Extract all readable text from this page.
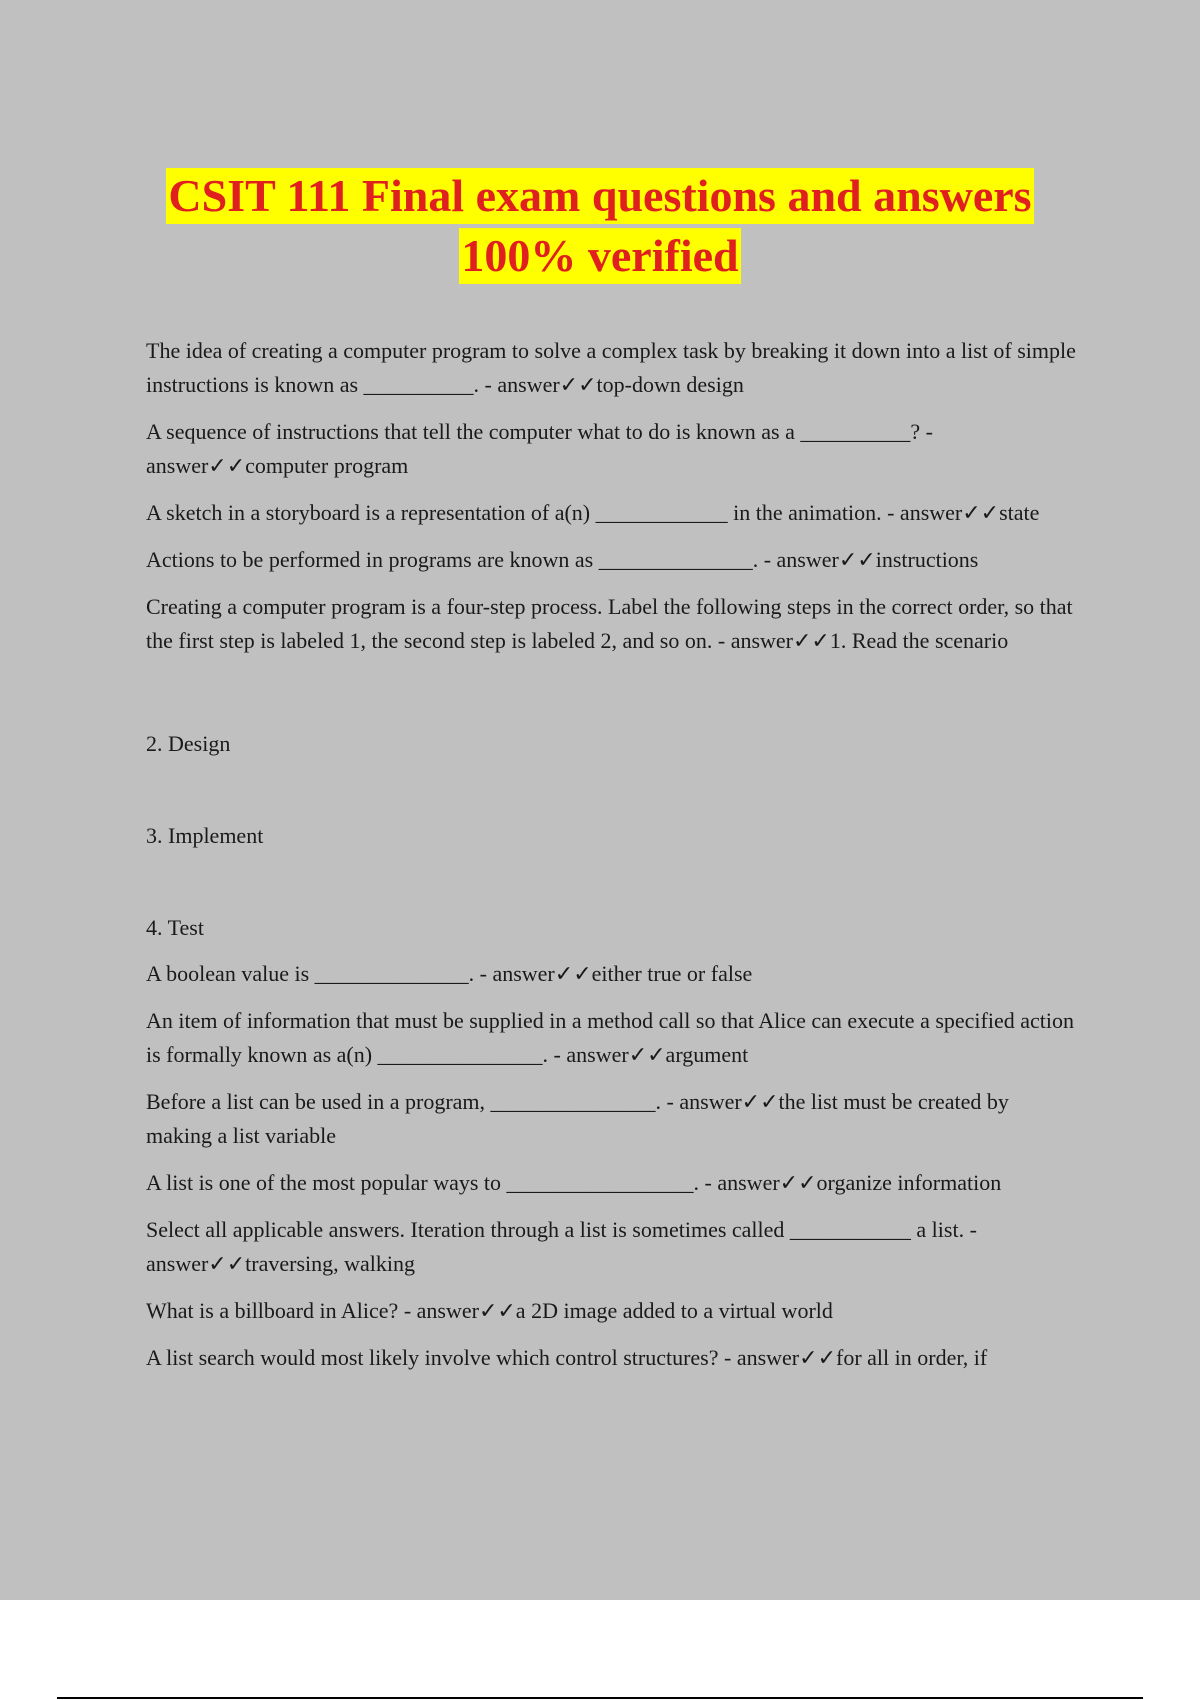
CSIT 111 Final exam questions and answers
100% verified

The idea of creating a computer program to solve a complex task by breaking it down into a list of simple instructions is known as __________. - answer✓✓top-down design

A sequence of instructions that tell the computer what to do is known as a __________? - answer✓✓computer program

A sketch in a storyboard is a representation of a(n) ____________ in the animation. - answer✓✓state

Actions to be performed in programs are known as ______________. - answer✓✓instructions

Creating a computer program is a four-step process. Label the following steps in the correct order, so that the first step is labeled 1, the second step is labeled 2, and so on. - answer✓✓1. Read the scenario

2. Design

3. Implement

4. Test

A boolean value is ______________. - answer✓✓either true or false

An item of information that must be supplied in a method call so that Alice can execute a specified action is formally known as a(n) _______________. - answer✓✓argument

Before a list can be used in a program, _______________. - answer✓✓the list must be created by making a list variable

A list is one of the most popular ways to _________________. - answer✓✓organize information

Select all applicable answers. Iteration through a list is sometimes called ___________ a list. - answer✓✓traversing, walking

What is a billboard in Alice? - answer✓✓a 2D image added to a virtual world

A list search would most likely involve which control structures? - answer✓✓for all in order, if
